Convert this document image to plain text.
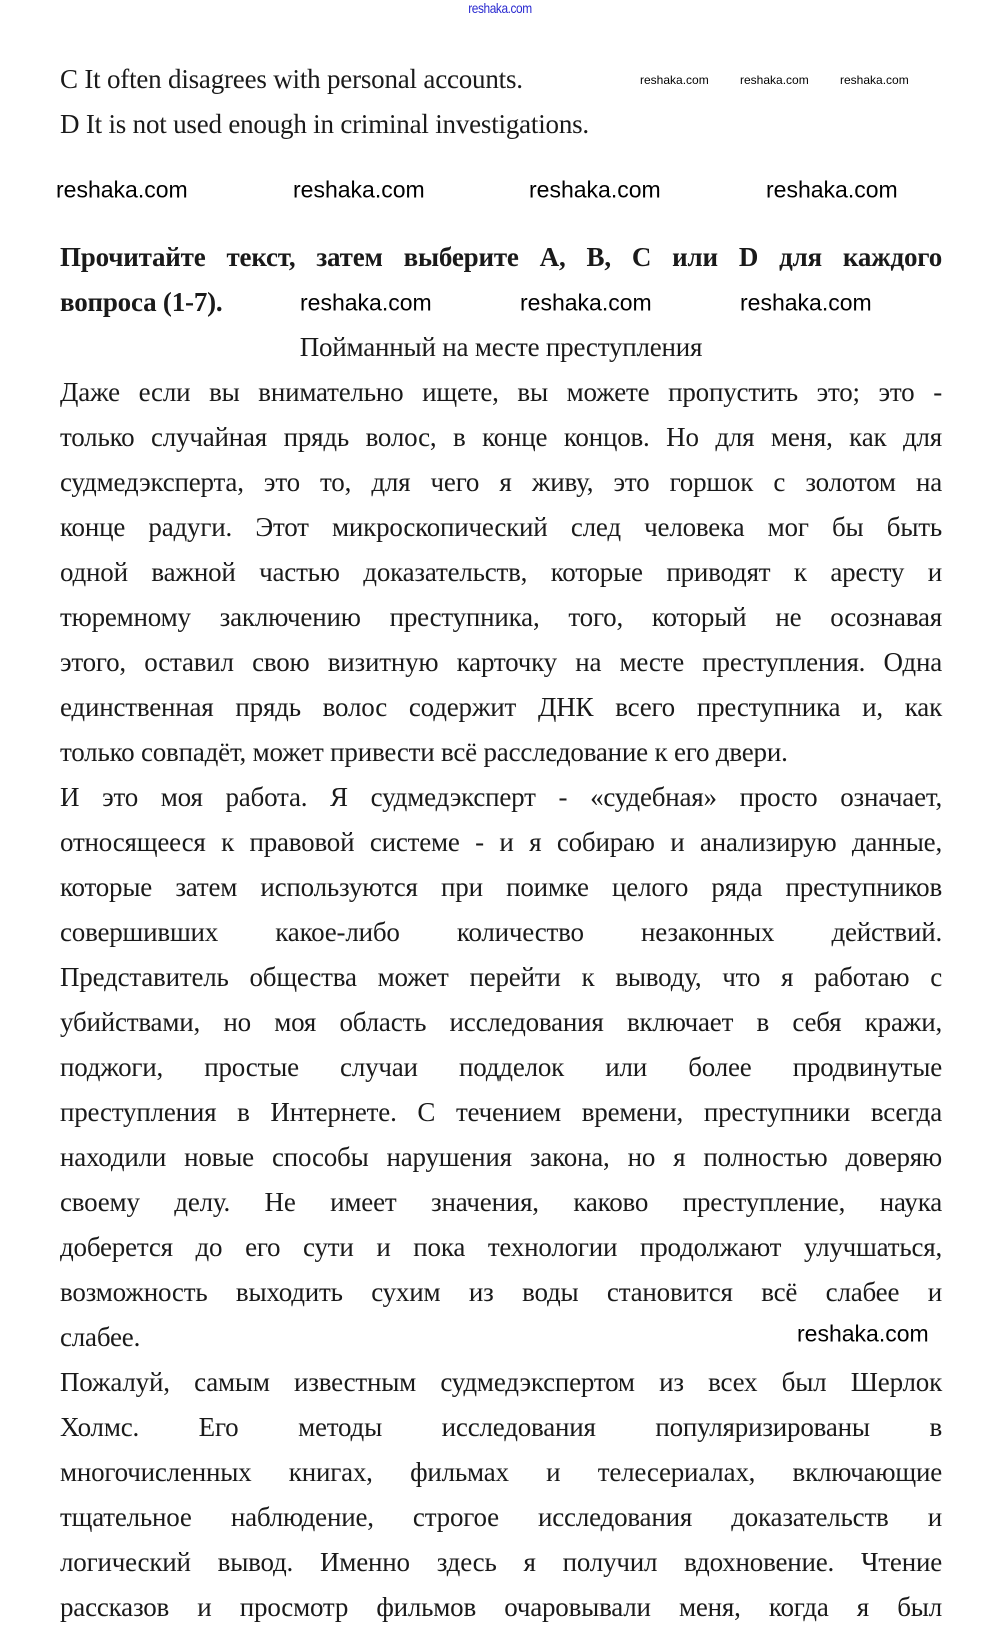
reshaka.com
C It often disagrees with personal accounts.
D It is not used enough in criminal investigations.
Прочитайте текст, затем выберите A, B, C или D для каждого
вопроса (1-7).
Пойманный на месте преступления
Даже если вы внимательно ищете, вы можете пропустить это; это -
только случайная прядь волос, в конце концов. Но для меня, как для
судмедэксперта, это то, для чего я живу, это горшок с золотом на
конце радуги. Этот микроскопический след человека мог бы быть
одной важной частью доказательств, которые приводят к аресту и
тюремному заключению преступника, того, который не осознавая
этого, оставил свою визитную карточку на месте преступления. Одна
единственная прядь волос содержит ДНК всего преступника и, как
только совпадёт, может привести всё расследование к его двери.
И это моя работа. Я судмедэксперт - «судебная» просто означает,
относящееся к правовой системе - и я собираю и анализирую данные,
которые затем используются при поимке целого ряда преступников
совершивших какое-либо количество незаконных действий.
Представитель общества может перейти к выводу, что я работаю с
убийствами, но моя область исследования включает в себя кражи,
поджоги, простые случаи подделок или более продвинутые
преступления в Интернете. С течением времени, преступники всегда
находили новые способы нарушения закона, но я полностью доверяю
своему делу. Не имеет значения, каково преступление, наука
доберется до его сути и пока технологии продолжают улучшаться,
возможность выходить сухим из воды становится всё слабее и
слабее.
Пожалуй, самым известным судмедэкспертом из всех был Шерлок
Холмс. Его методы исследования популяризированы в
многочисленных книгах, фильмах и телесериалах, включающие
тщательное наблюдение, строгое исследования доказательств и
логический вывод. Именно здесь я получил вдохновение. Чтение
рассказов и просмотр фильмов очаровывали меня, когда я был
reshaka.com	reshaka.com	reshaka.com
reshaka.com	reshaka.com	reshaka.com	reshaka.com
reshaka.com	reshaka.com	reshaka.com
reshaka.com
